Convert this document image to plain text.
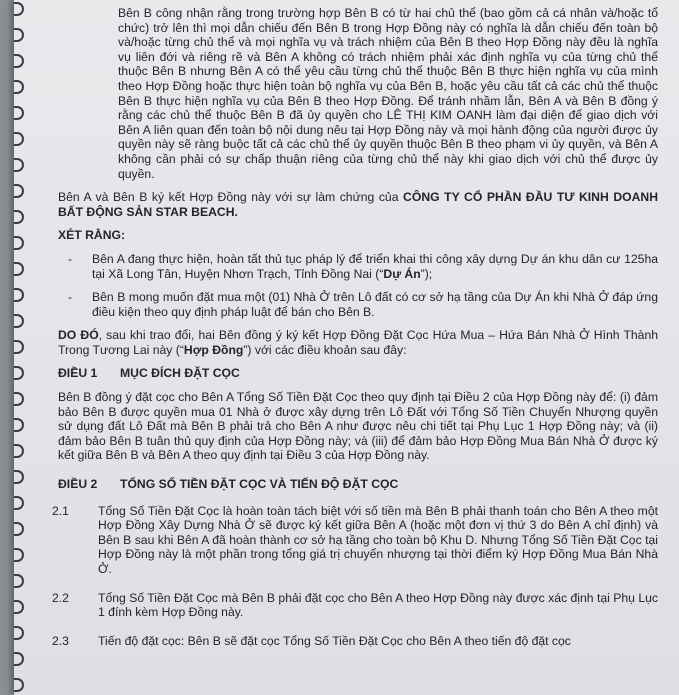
Bên B công nhận rằng trong trường hợp Bên B có từ hai chủ thể (bao gồm cả cá nhân và/hoặc tổ chức) trở lên thì mọi dẫn chiếu đến Bên B trong Hợp Đồng này có nghĩa là dẫn chiếu đến toàn bộ và/hoặc từng chủ thể và mọi nghĩa vụ và trách nhiệm của Bên B theo Hợp Đồng này đều là nghĩa vụ liên đới và riêng rẽ và Bên A không có trách nhiệm phải xác định nghĩa vụ của từng chủ thể thuộc Bên B nhưng Bên A có thể yêu cầu từng chủ thể thuộc Bên B thực hiện nghĩa vụ của mình theo Hợp Đồng hoặc thực hiện toàn bộ nghĩa vụ của Bên B, hoặc yêu cầu tất cả các chủ thể thuộc Bên B thực hiện nghĩa vụ của Bên B theo Hợp Đồng. Để tránh nhầm lẫn, Bên A và Bên B đồng ý rằng các chủ thể thuộc Bên B đã ủy quyền cho LÊ THỊ KIM OANH làm đại diện để giao dịch với Bên A liên quan đến toàn bộ nội dung nêu tại Hợp Đồng này và mọi hành động của người được ủy quyền này sẽ ràng buộc tất cả các chủ thể ủy quyền thuộc Bên B theo phạm vi ủy quyền, và Bên A không cần phải có sự chấp thuận riêng của từng chủ thể này khi giao dịch với chủ thể được ủy quyền.

Bên A và Bên B ký kết Hợp Đồng này với sự làm chứng của CÔNG TY CỔ PHẦN ĐẦU TƯ KINH DOANH BẤT ĐỘNG SẢN STAR BEACH.

XÉT RẰNG:

- Bên A đang thực hiện, hoàn tất thủ tục pháp lý để triển khai thi công xây dựng Dự án khu dân cư 125ha tại Xã Long Tân, Huyện Nhơn Trạch, Tỉnh Đồng Nai (“Dự Án”);

- Bên B mong muốn đặt mua một (01) Nhà Ở trên Lô đất có cơ sở hạ tầng của Dự Án khi Nhà Ở đáp ứng điều kiện theo quy định pháp luật để bán cho Bên B.

DO ĐÓ, sau khi trao đổi, hai Bên đồng ý ký kết Hợp Đồng Đặt Cọc Hứa Mua – Hứa Bán Nhà Ở Hình Thành Trong Tương Lai này (“Hợp Đồng”) với các điều khoản sau đây:

ĐIỀU 1	MỤC ĐÍCH ĐẶT CỌC

Bên B đồng ý đặt cọc cho Bên A Tổng Số Tiền Đặt Cọc theo quy định tại Điều 2 của Hợp Đồng này để: (i) đảm bảo Bên B được quyền mua 01 Nhà ở được xây dựng trên Lô Đất với Tổng Số Tiền Chuyển Nhượng quyền sử dụng đất Lô Đất mà Bên B phải trả cho Bên A như được nêu chi tiết tại Phụ Lục 1 Hợp Đồng này; và (ii) đảm bảo Bên B tuân thủ quy định của Hợp Đồng này; và (iii) để đảm bảo Hợp Đồng Mua Bán Nhà Ở được ký kết giữa Bên B và Bên A theo quy định tại Điều 3 của Hợp Đồng này.

ĐIỀU 2	TỔNG SỐ TIỀN ĐẶT CỌC VÀ TIẾN ĐỘ ĐẶT CỌC

2.1 Tổng Số Tiền Đặt Cọc là hoàn toàn tách biệt với số tiền mà Bên B phải thanh toán cho Bên A theo một Hợp Đồng Xây Dựng Nhà Ở sẽ được ký kết giữa Bên A (hoặc một đơn vị thứ 3 do Bên A chỉ định) và Bên B sau khi Bên A đã hoàn thành cơ sở hạ tầng cho toàn bộ Khu D. Nhưng Tổng Số Tiền Đặt Cọc tại Hợp Đồng này là một phần trong tổng giá trị chuyển nhượng tại thời điểm ký Hợp Đồng Mua Bán Nhà Ở.

2.2 Tổng Số Tiền Đặt Cọc mà Bên B phải đặt cọc cho Bên A theo Hợp Đồng này được xác định tại Phụ Lục 1 đính kèm Hợp Đồng này.

2.3 Tiến độ đặt cọc: Bên B sẽ đặt cọc Tổng Số Tiền Đặt Cọc cho Bên A theo tiến độ đặt cọc
